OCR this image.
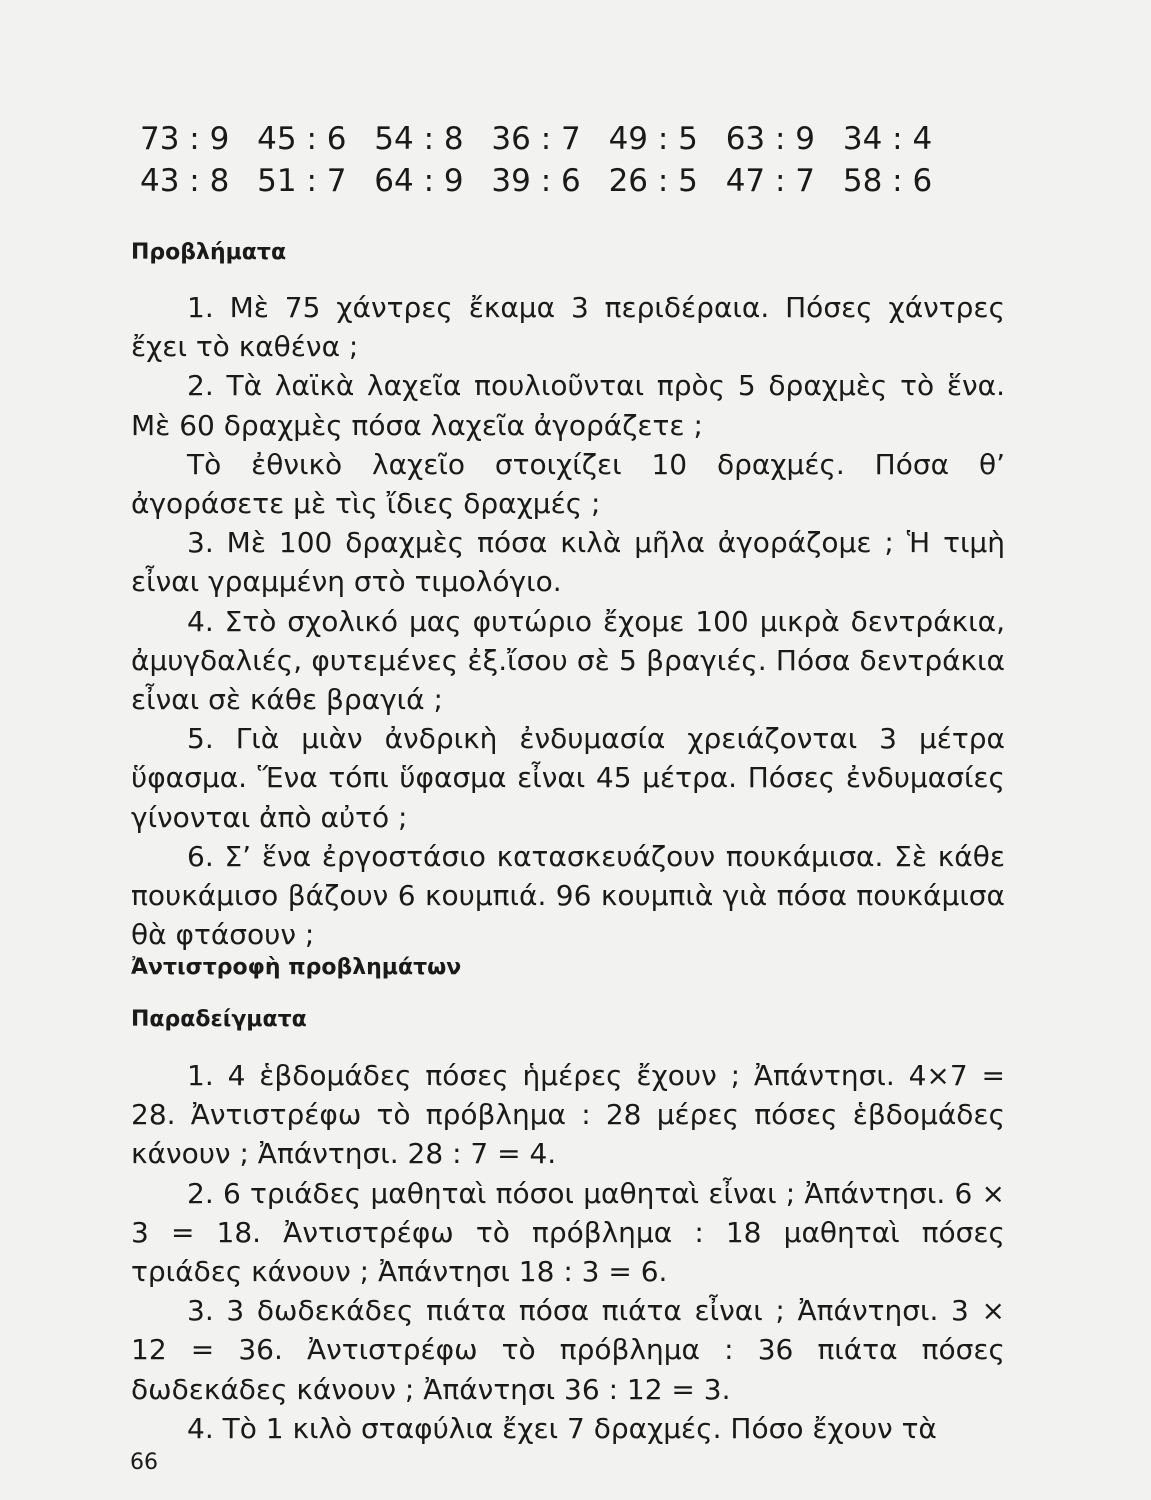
73 : 9 45 : 6 54 : 8 36 : 7 49 : 5 63 : 9 34 : 4
43 : 8 51 : 7 64 : 9 39 : 6 26 : 5 47 : 7 58 : 6
Προβλήματα

1. Μὲ 75 χάντρες ἔκαμα 3 περιδέραια. Πόσες χάντρες ἔχει τὸ καθένα ;

2. Τὰ λαϊκὰ λαχεῖα πουλιοῦνται πρὸς 5 δραχμὲς τὸ ἕνα. Μὲ 60 δραχμὲς πόσα λαχεῖα ἀγοράζετε ;

Τὸ ἐθνικὸ λαχεῖο στοιχίζει 10 δραχμές. Πόσα θ’ ἀγοράσετε μὲ τὶς ἴδιες δραχμές ;

3. Μὲ 100 δραχμὲς πόσα κιλὰ μῆλα ἀγοράζομε ; Ἡ τιμὴ εἶναι γραμμένη στὸ τιμολόγιο.

4. Στὸ σχολικό μας φυτώριο ἔχομε 100 μικρὰ δεντράκια, ἀμυγδαλιές, φυτεμένες ἐξ.ἴσου σὲ 5 βραγιές. Πόσα δεντράκια εἶναι σὲ κάθε βραγιά ;

5. Γιὰ μιὰν ἀνδρικὴ ἐνδυμασία χρειάζονται 3 μέτρα ὕφασμα. Ἕνα τόπι ὕφασμα εἶναι 45 μέτρα. Πόσες ἐνδυμασίες γίνονται ἀπὸ αὐτό ;

6. Σ’ ἕνα ἐργοστάσιο κατασκευάζουν πουκάμισα. Σὲ κάθε πουκάμισο βάζουν 6 κουμπιά. 96 κουμπιὰ γιὰ πόσα πουκάμισα θὰ φτάσουν ;

Ἀντιστροφὴ προβλημάτων
Παραδείγματα

1. 4 ἑβδομάδες πόσες ἡμέρες ἔχουν ; Ἀπάντησι. 4×7 = 28. Ἀντιστρέφω τὸ πρόβλημα : 28 μέρες πόσες ἑβδομάδες κάνουν ; Ἀπάντησι. 28 : 7 = 4.

2. 6 τριάδες μαθηταὶ πόσοι μαθηταὶ εἶναι ; Ἀπάντησι. 6 × 3 = 18. Ἀντιστρέφω τὸ πρόβλημα : 18 μαθηταὶ πόσες τριάδες κάνουν ; Ἀπάντησι 18 : 3 = 6.

3. 3 δωδεκάδες πιάτα πόσα πιάτα εἶναι ; Ἀπάντησι. 3 × 12 = 36. Ἀντιστρέφω τὸ πρόβλημα : 36 πιάτα πόσες δωδεκάδες κάνουν ; Ἀπάντησι 36 : 12 = 3.

4. Τὸ 1 κιλὸ σταφύλια ἔχει 7 δραχμές. Πόσο ἔχουν τὰ

66
